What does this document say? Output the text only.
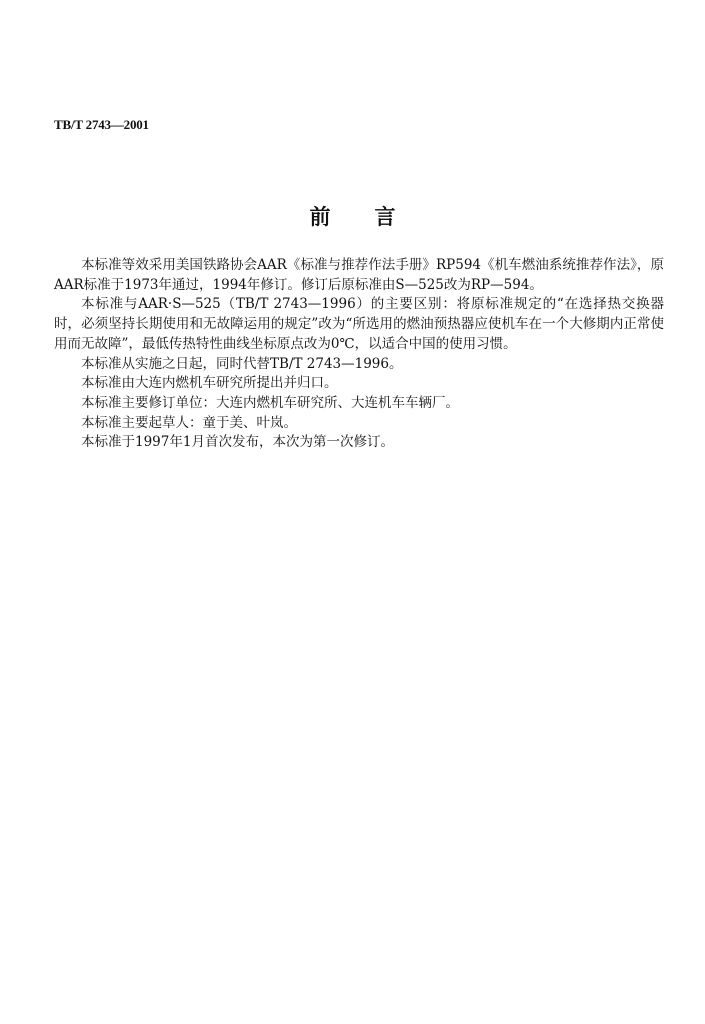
TB/T 2743—2001
前言

本标准等效采用美国铁路协会AAR《标准与推荐作法手册》RP594《机车燃油系统推荐作法》，原AAR标准于1973年通过，1994年修订。修订后原标准由S—525改为RP—594。

本标准与AAR·S—525（TB/T 2743—1996）的主要区别：将原标准规定的“在选择热交换器时，必须坚持长期使用和无故障运用的规定”改为“所选用的燃油预热器应使机车在一个大修期内正常使用而无故障”，最低传热特性曲线坐标原点改为0℃，以适合中国的使用习惯。

本标准从实施之日起，同时代替TB/T 2743—1996。

本标准由大连内燃机车研究所提出并归口。

本标准主要修订单位：大连内燃机车研究所、大连机车车辆厂。

本标准主要起草人：童于美、叶岚。

本标准于1997年1月首次发布，本次为第一次修订。
